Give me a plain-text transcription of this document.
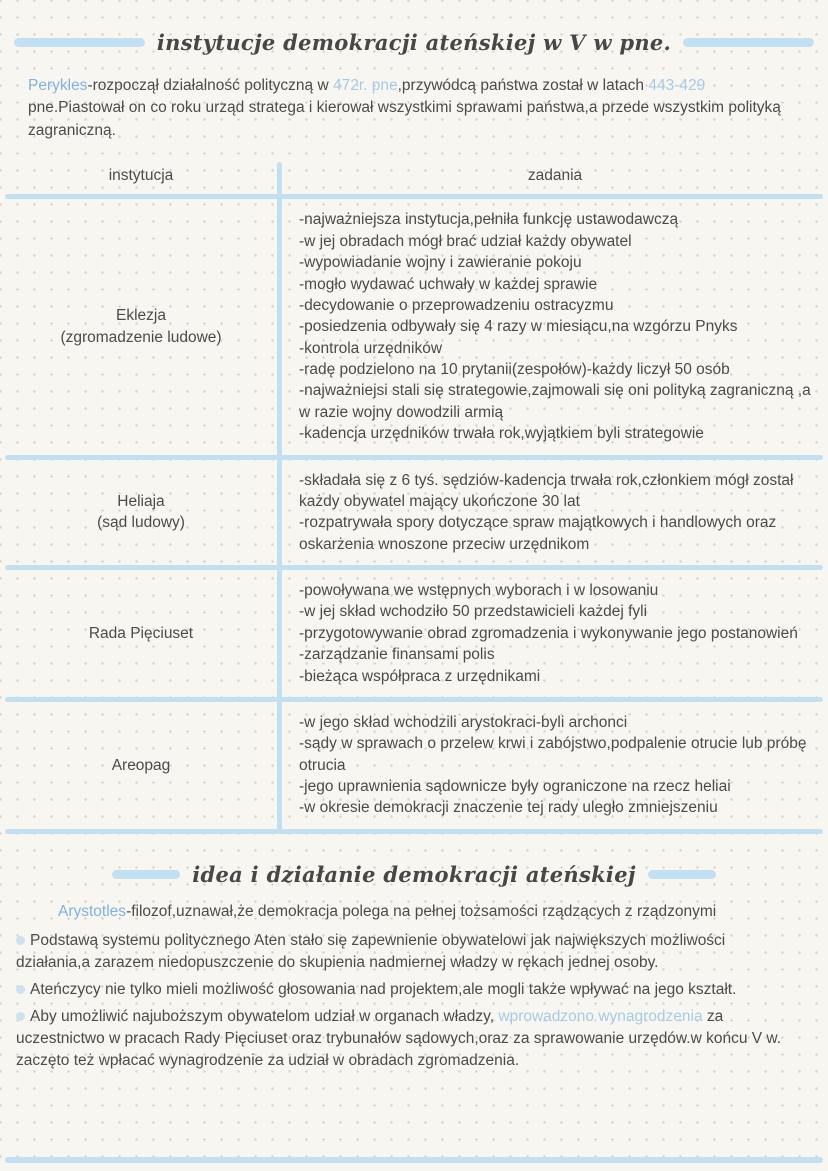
instytucje demokracji ateńskiej w V w pne.

Perykles-rozpoczął działalność polityczną w 472r. pne,przywódcą państwa został w latach 443-429 pne.Piastował on co roku urząd stratega i kierował wszystkimi sprawami państwa,a przede wszystkim polityką zagraniczną.

instytucja	zadania
Eklezja
(zgromadzenie ludowe)
-najważniejsza instytucja,pełniła funkcję ustawodawczą
-w jej obradach mógł brać udział każdy obywatel
-wypowiadanie wojny i zawieranie pokoju
-mogło wydawać uchwały w każdej sprawie
-decydowanie o przeprowadzeniu ostracyzmu
-posiedzenia odbywały się 4 razy w miesiącu,na wzgórzu Pnyks
-kontrola urzędników
-radę podzielono na 10 prytanii(zespołów)-każdy liczył 50 osób
-najważniejsi stali się strategowie,zajmowali się oni polityką zagraniczną ,a w razie wojny dowodzili armią
-kadencja urzędników trwała rok,wyjątkiem byli strategowie
Heliaja
(sąd ludowy)
-składała się z 6 tyś. sędziów-kadencja trwała rok,członkiem mógł został każdy obywatel mający ukończone 30 lat
-rozpatrywała spory dotyczące spraw majątkowych i handlowych oraz oskarżenia wnoszone przeciw urzędnikom
Rada Pięciuset
-powoływana we wstępnych wyborach i w losowaniu
-w jej skład wchodziło 50 przedstawicieli każdej fyli
-przygotowywanie obrad zgromadzenia i wykonywanie jego postanowień
-zarządzanie finansami polis
-bieżąca współpraca z urzędnikami
Areopag
-w jego skład wchodzili arystokraci-byli archonci
-sądy w sprawach o przelew krwi i zabójstwo,podpalenie otrucie lub próbę otrucia
-jego uprawnienia sądownicze były ograniczone na rzecz heliai
-w okresie demokracji znaczenie tej rady uległo zmniejszeniu
idea i działanie demokracji ateńskiej

Arystotles-filozof,uznawał,że demokracja polega na pełnej tożsamości rządzących z rządzonymi

Podstawą systemu politycznego Aten stało się zapewnienie obywatelowi jak największych możliwości działania,a zarazem niedopuszczenie do skupienia nadmiernej władzy w rękach jednej osoby.
Ateńczycy nie tylko mieli możliwość głosowania nad projektem,ale mogli także wpływać na jego kształt.
Aby umożliwić najuboższym obywatelom udział w organach władzy, wprowadzono wynagrodzenia za uczestnictwo w pracach Rady Pięciuset oraz trybunałów sądowych,oraz za sprawowanie urzędów.w końcu V w. zaczęto też wpłacać wynagrodzenie za udział w obradach zgromadzenia.
